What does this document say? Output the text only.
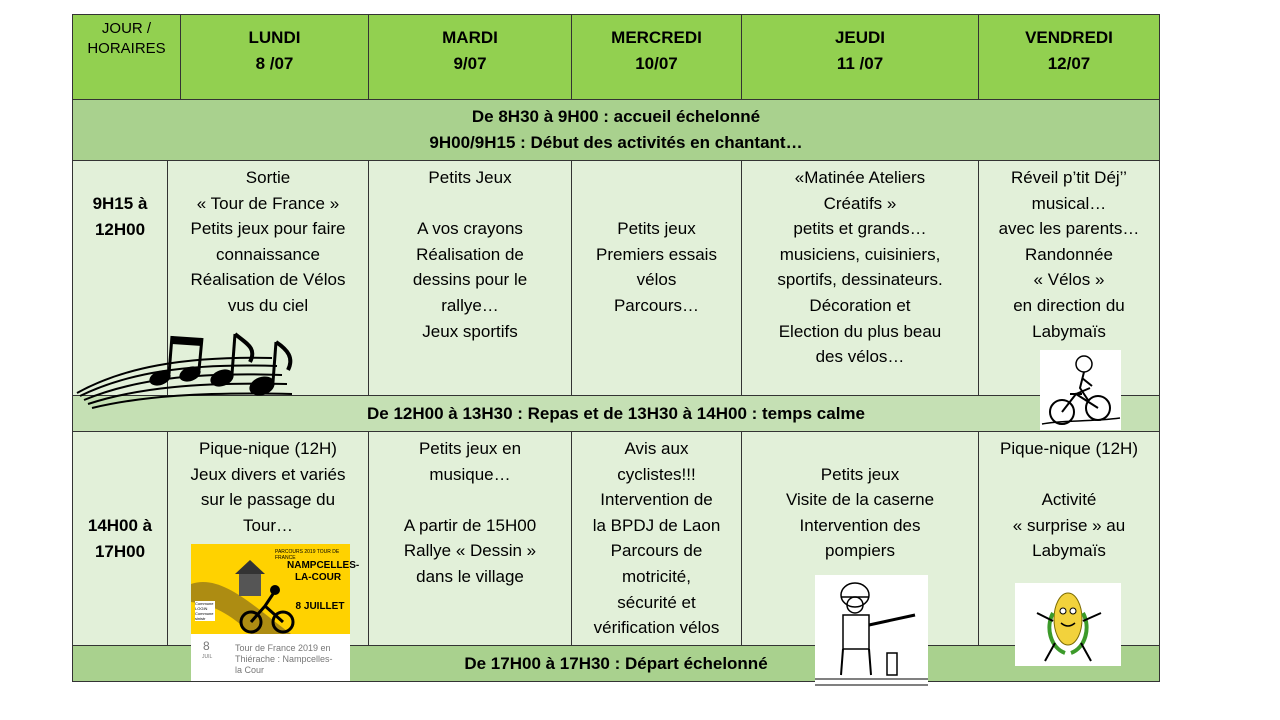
JOUR /
HORAIRES
LUNDI
8 /07
MARDI
9/07
MERCREDI
10/07
JEUDI
11 /07
VENDREDI
12/07
De 8H30 à 9H00 : accueil échelonné
9H00/9H15 : Début des activités en chantant…
9H15 à
12H00
Sortie
« Tour de France »
Petits jeux pour faire
connaissance
Réalisation de Vélos
vus du ciel
Petits Jeux

A vos crayons
Réalisation de
dessins pour le
rallye…
Jeux sportifs

Petits jeux
Premiers essais
vélos
Parcours…
«Matinée Ateliers
Créatifs »
petits et grands…
musiciens, cuisiniers,
sportifs, dessinateurs.
Décoration et
Election du plus beau
des vélos…
Réveil p’tit Déj’’
musical…
avec les parents…
Randonnée
« Vélos »
en direction du
Labymaïs
De 12H00 à 13H30 : Repas et de 13H30 à 14H00 : temps calme
14H00 à
17H00
Pique-nique (12H)
Jeux divers et variés
sur le passage du
Tour…
Petits jeux en
musique…

A partir de 15H00
Rallye « Dessin »
dans le village
Avis aux
cyclistes!!!
Intervention de
la BPDJ de Laon
Parcours de
motricité,
sécurité et
vérification vélos

Petits jeux
Visite de la caserne
Intervention des
pompiers
Pique-nique (12H)

Activité
« surprise » au
Labymaïs
De 17H00 à 17H30 : Départ échelonné
PARCOURS 2019 TOUR DE FRANCE
NAMPCELLES-
LA-COUR
8 JUILLET
Commune
LOGIN
Commune
sinistr
8
JUIL
Tour de France 2019 en
Thiérache : Nampcelles-
la Cour
